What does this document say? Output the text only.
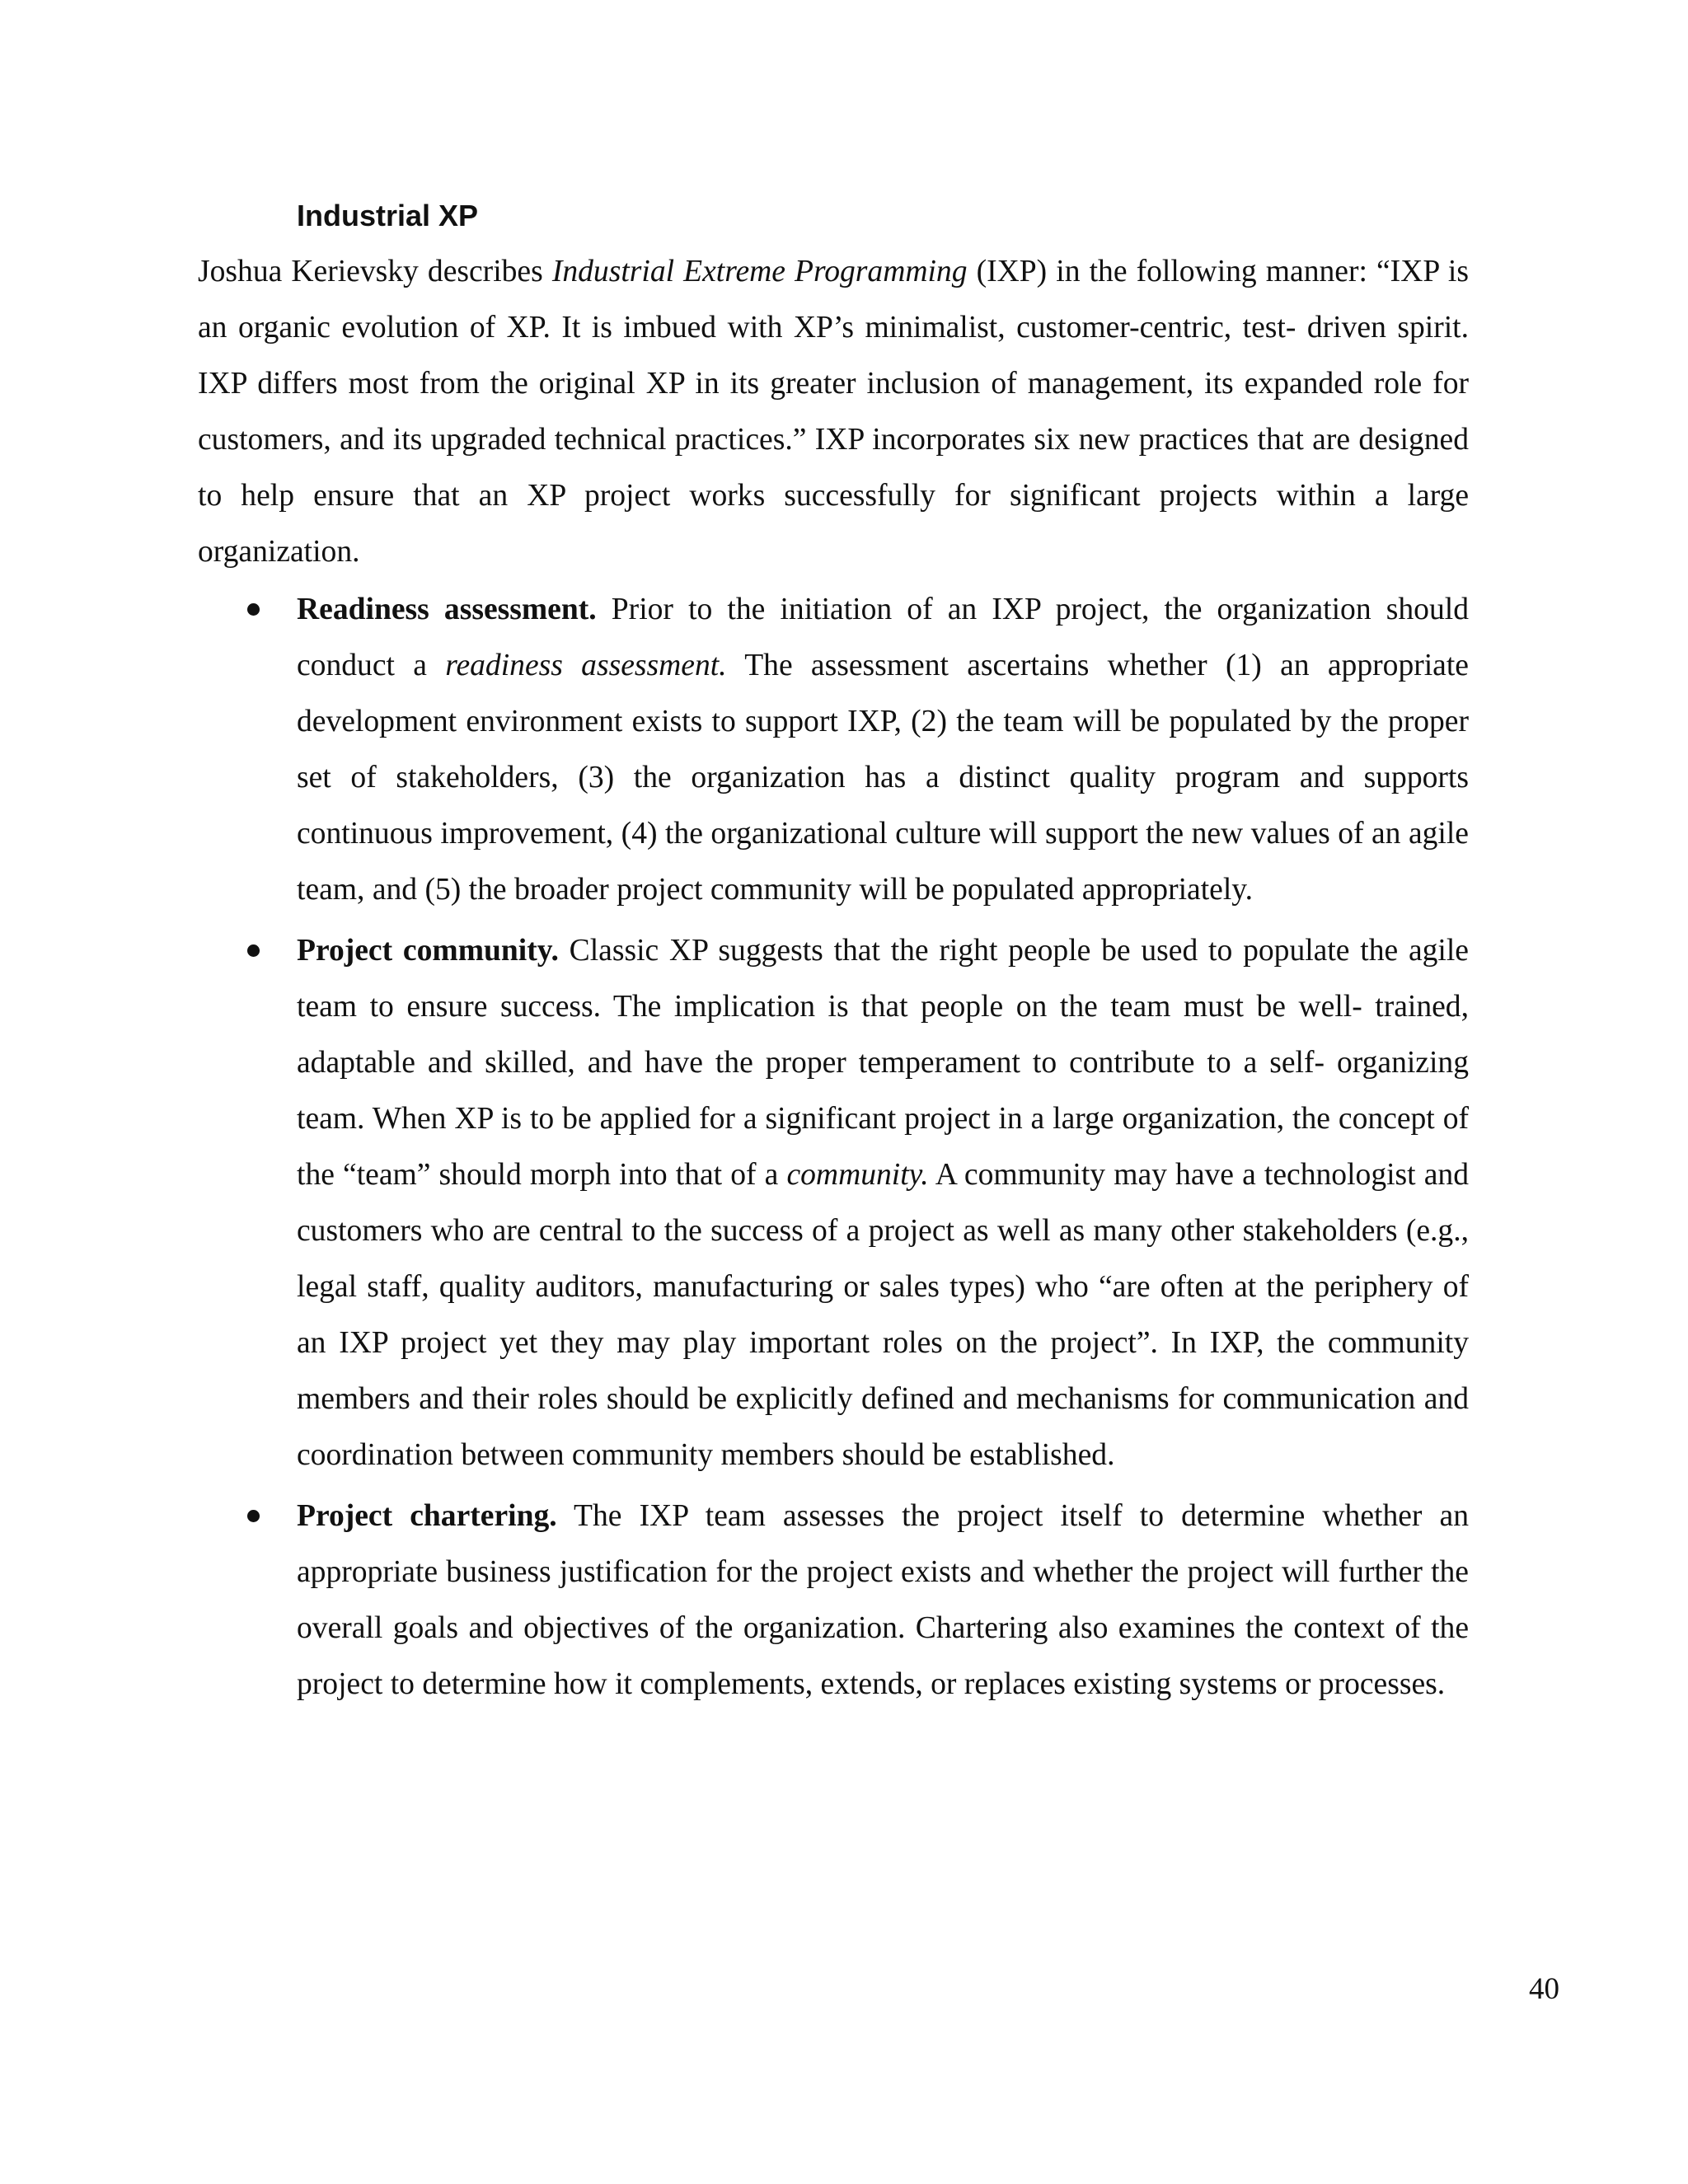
Industrial XP

Joshua Kerievsky describes Industrial Extreme Programming (IXP) in the following manner: “IXP is an organic evolution of XP. It is imbued with XP’s minimalist, customer-centric, test- driven spirit. IXP differs most from the original XP in its greater inclusion of management, its expanded role for customers, and its upgraded technical practices.” IXP incorporates six new practices that are designed to help ensure that an XP project works successfully for significant projects within a large organization.

Readiness assessment. Prior to the initiation of an IXP project, the organization should conduct a readiness assessment. The assessment ascertains whether (1) an appropriate development environment exists to support IXP, (2) the team will be populated by the proper set of stakeholders, (3) the organization has a distinct quality program and supports continuous improvement, (4) the organizational culture will support the new values of an agile team, and (5) the broader project community will be populated appropriately.
Project community. Classic XP suggests that the right people be used to populate the agile team to ensure success. The implication is that people on the team must be well- trained, adaptable and skilled, and have the proper temperament to contribute to a self- organizing team. When XP is to be applied for a significant project in a large organization, the concept of the “team” should morph into that of a community. A community may have a technologist and customers who are central to the success of a project as well as many other stakeholders (e.g., legal staff, quality auditors, manufacturing or sales types) who “are often at the periphery of an IXP project yet they may play important roles on the project”. In IXP, the community members and their roles should be explicitly defined and mechanisms for communication and coordination between community members should be established.
Project chartering. The IXP team assesses the project itself to determine whether an appropriate business justification for the project exists and whether the project will further the overall goals and objectives of the organization. Chartering also examines the context of the project to determine how it complements, extends, or replaces existing systems or processes.
40
